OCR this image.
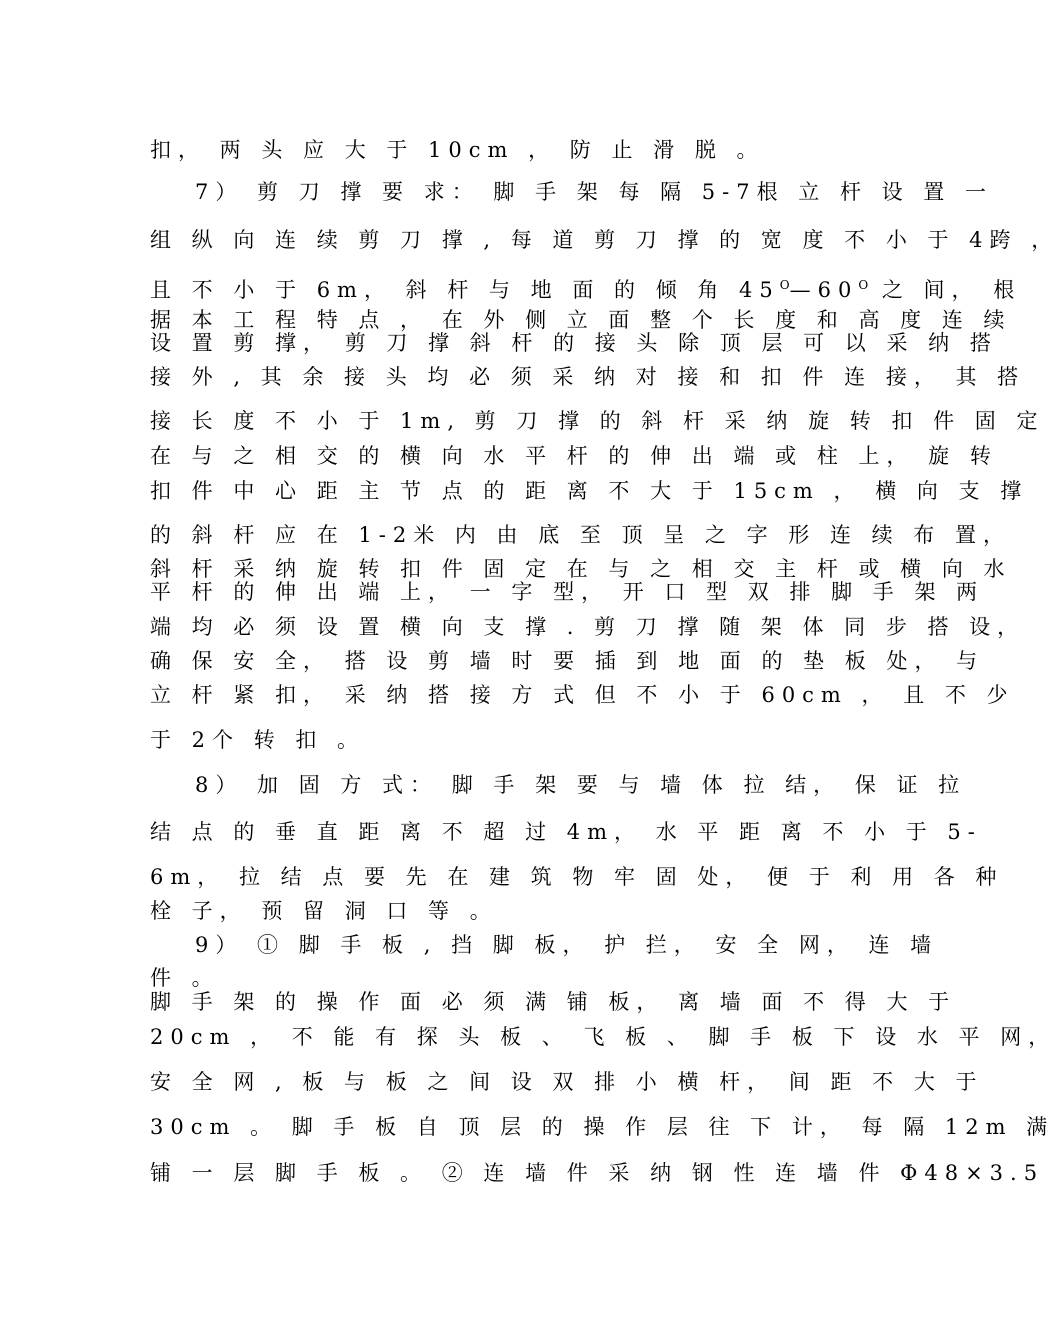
扣， 两 头 应 大 于 10cm ， 防 止 滑 脱 。
7） 剪 刀 撑 要 求： 脚 手 架 每 隔 5-7根 立 杆 设 置 一
组 纵 向 连 续 剪 刀 撑 , 每 道 剪 刀 撑 的 宽 度 不 小 于 4跨 ，
且 不 小 于 6m， 斜 杆 与 地 面 的 倾 角 $45^O—60^O$ 之 间， 根
据 本 工 程 特 点 ， 在 外 侧 立 面 整 个 长 度 和 高 度 连 续
设 置 剪 撑， 剪 刀 撑 斜 杆 的 接 头 除 顶 层 可 以 采 纳 搭
接 外 , 其 余 接 头 均 必 须 采 纳 对 接 和 扣 件 连 接， 其 搭
接 长 度 不 小 于 1m, 剪 刀 撑 的 斜 杆 采 纳 旋 转 扣 件 固 定
在 与 之 相 交 的 横 向 水 平 杆 的 伸 出 端 或 柱 上， 旋 转
扣 件 中 心 距 主 节 点 的 距 离 不 大 于 15cm ， 横 向 支 撑
的 斜 杆 应 在 1-2米 内 由 底 至 顶 呈 之 字 形 连 续 布 置，
斜 杆 采 纳 旋 转 扣 件 固 定 在 与 之 相 交 主 杆 或 横 向 水
平 杆 的 伸 出 端 上， 一 字 型， 开 口 型 双 排 脚 手 架 两
端 均 必 须 设 置 横 向 支 撑 . 剪 刀 撑 随 架 体 同 步 搭 设，
确 保 安 全， 搭 设 剪 墙 时 要 插 到 地 面 的 垫 板 处， 与
立 杆 紧 扣， 采 纳 搭 接 方 式 但 不 小 于 60cm ， 且 不 少
于 2个 转 扣 。
8） 加 固 方 式： 脚 手 架 要 与 墙 体 拉 结， 保 证 拉
结 点 的 垂 直 距 离 不 超 过 4m， 水 平 距 离 不 小 于 5-
6m， 拉 结 点 要 先 在 建 筑 物 牢 固 处， 便 于 利 用 各 种
栓 子， 预 留 洞 口 等 。
9） ① 脚 手 板 , 挡 脚 板， 护 拦， 安 全 网， 连 墙
件 。
脚 手 架 的 操 作 面 必 须 满 铺 板， 离 墙 面 不 得 大 于
20cm ， 不 能 有 探 头 板 、 飞 板 、 脚 手 板 下 设 水 平 网，
安 全 网 , 板 与 板 之 间 设 双 排 小 横 杆， 间 距 不 大 于
30cm 。 脚 手 板 自 顶 层 的 操 作 层 往 下 计， 每 隔 12m 满
铺 一 层 脚 手 板 。 ② 连 墙 件 采 纳 钢 性 连 墙 件 Φ48×3.5
